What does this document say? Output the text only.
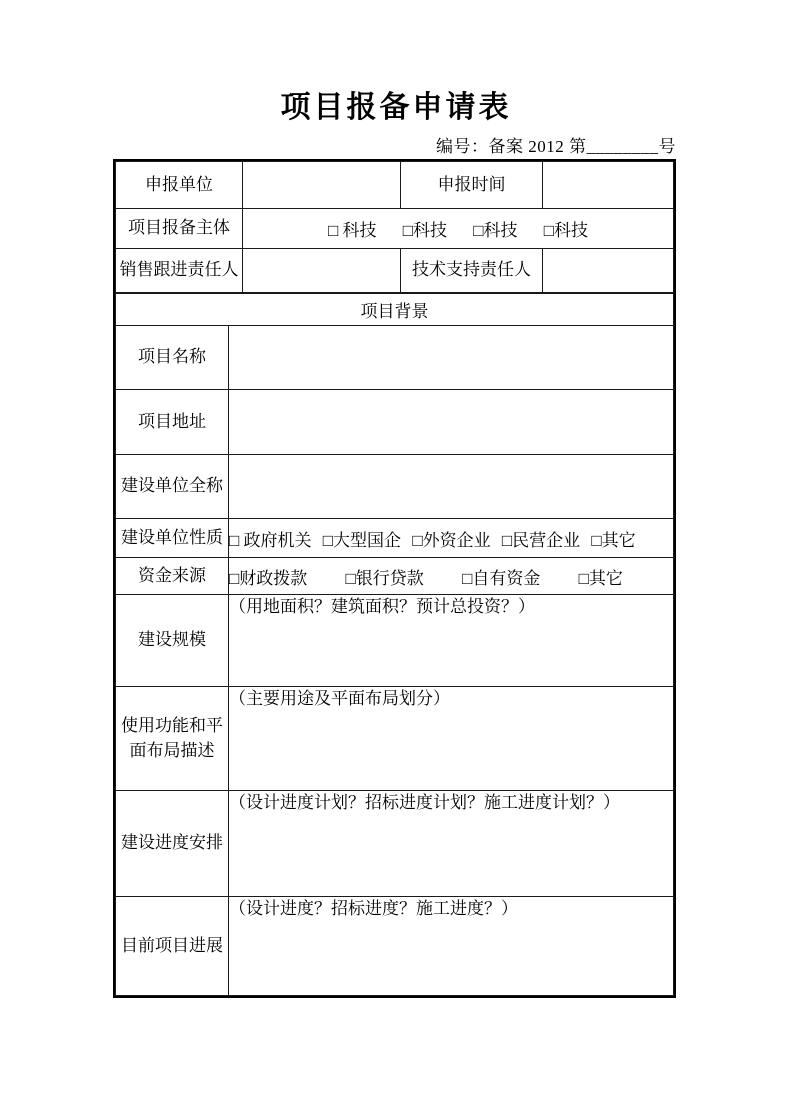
项目报备申请表
编号：备案 2012 第________号
申报单位		申报时间	
项目报备主体	□ 科技 □科技 □科技 □科技		
销售跟进责任人		技术支持责任人	
项目背景	
项目名称	
项目地址	
建设单位全称	
建设单位性质	□ 政府机关 □大型国企 □外资企业 □民营企业 □其它
资金来源	□财政拨款 □银行贷款 □自有资金 □其它
建设规模	（用地面积？建筑面积？预计总投资？）
使用功能和平面布局描述	（主要用途及平面布局划分）
建设进度安排	（设计进度计划？招标进度计划？施工进度计划？）
目前项目进展	（设计进度？招标进度？施工进度？）
